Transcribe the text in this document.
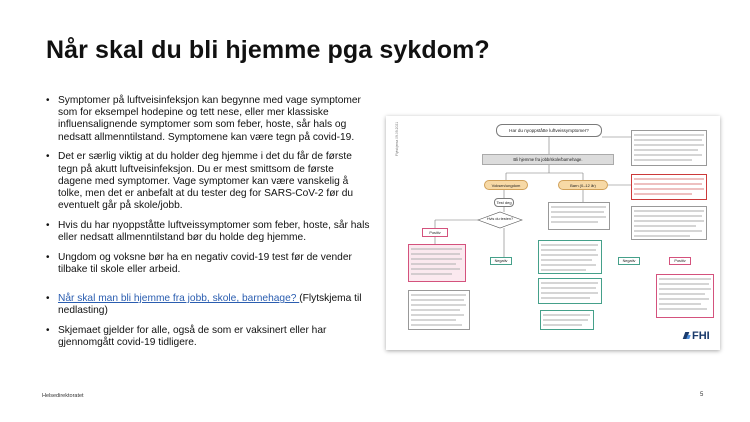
Når skal du bli hjemme pga sykdom?
• Symptomer på luftveisinfeksjon kan begynne med vage symptomer som for eksempel hodepine og tett nese, eller mer klassiske influensalignende symptomer som som feber, hoste, sår hals og nedsatt allmenntilstand. Symptomene kan være tegn på covid-19.
• Det er særlig viktig at du holder deg hjemme i det du får de første tegn på akutt luftveisinfeksjon. Du er mest smittsom de første dagene med symptomer. Vage symptomer kan være vanskelig å tolke, men det er anbefalt at du tester deg for SARS-CoV-2 før du eventuelt går på skole/jobb.
• Hvis du har nyoppståtte luftveissymptomer som feber, hoste, sår hals eller nedsatt allmenntilstand bør du holde deg hjemme.
• Ungdom og voksne bør ha en negativ covid-19 test før de vender tilbake til skole eller arbeid.
• Når skal man bli hjemme fra jobb, skole, barnehage? (Flytskjema til nedlasting)
• Skjemaet gjelder for alle, også de som er vaksinert eller har gjennomgått covid-19 tidligere.
Flytskjema 09.09.2021	Har du nyoppståtte luftveissymptomer?
Bli hjemme fra jobb/skole/barnehage.
Voksen/ungdom	Barn (0–12 år)
Test deg
Hvis du testen?
Positiv
Negativ	Negativ	Positiv
FHI
Helsedirektoratet	5
